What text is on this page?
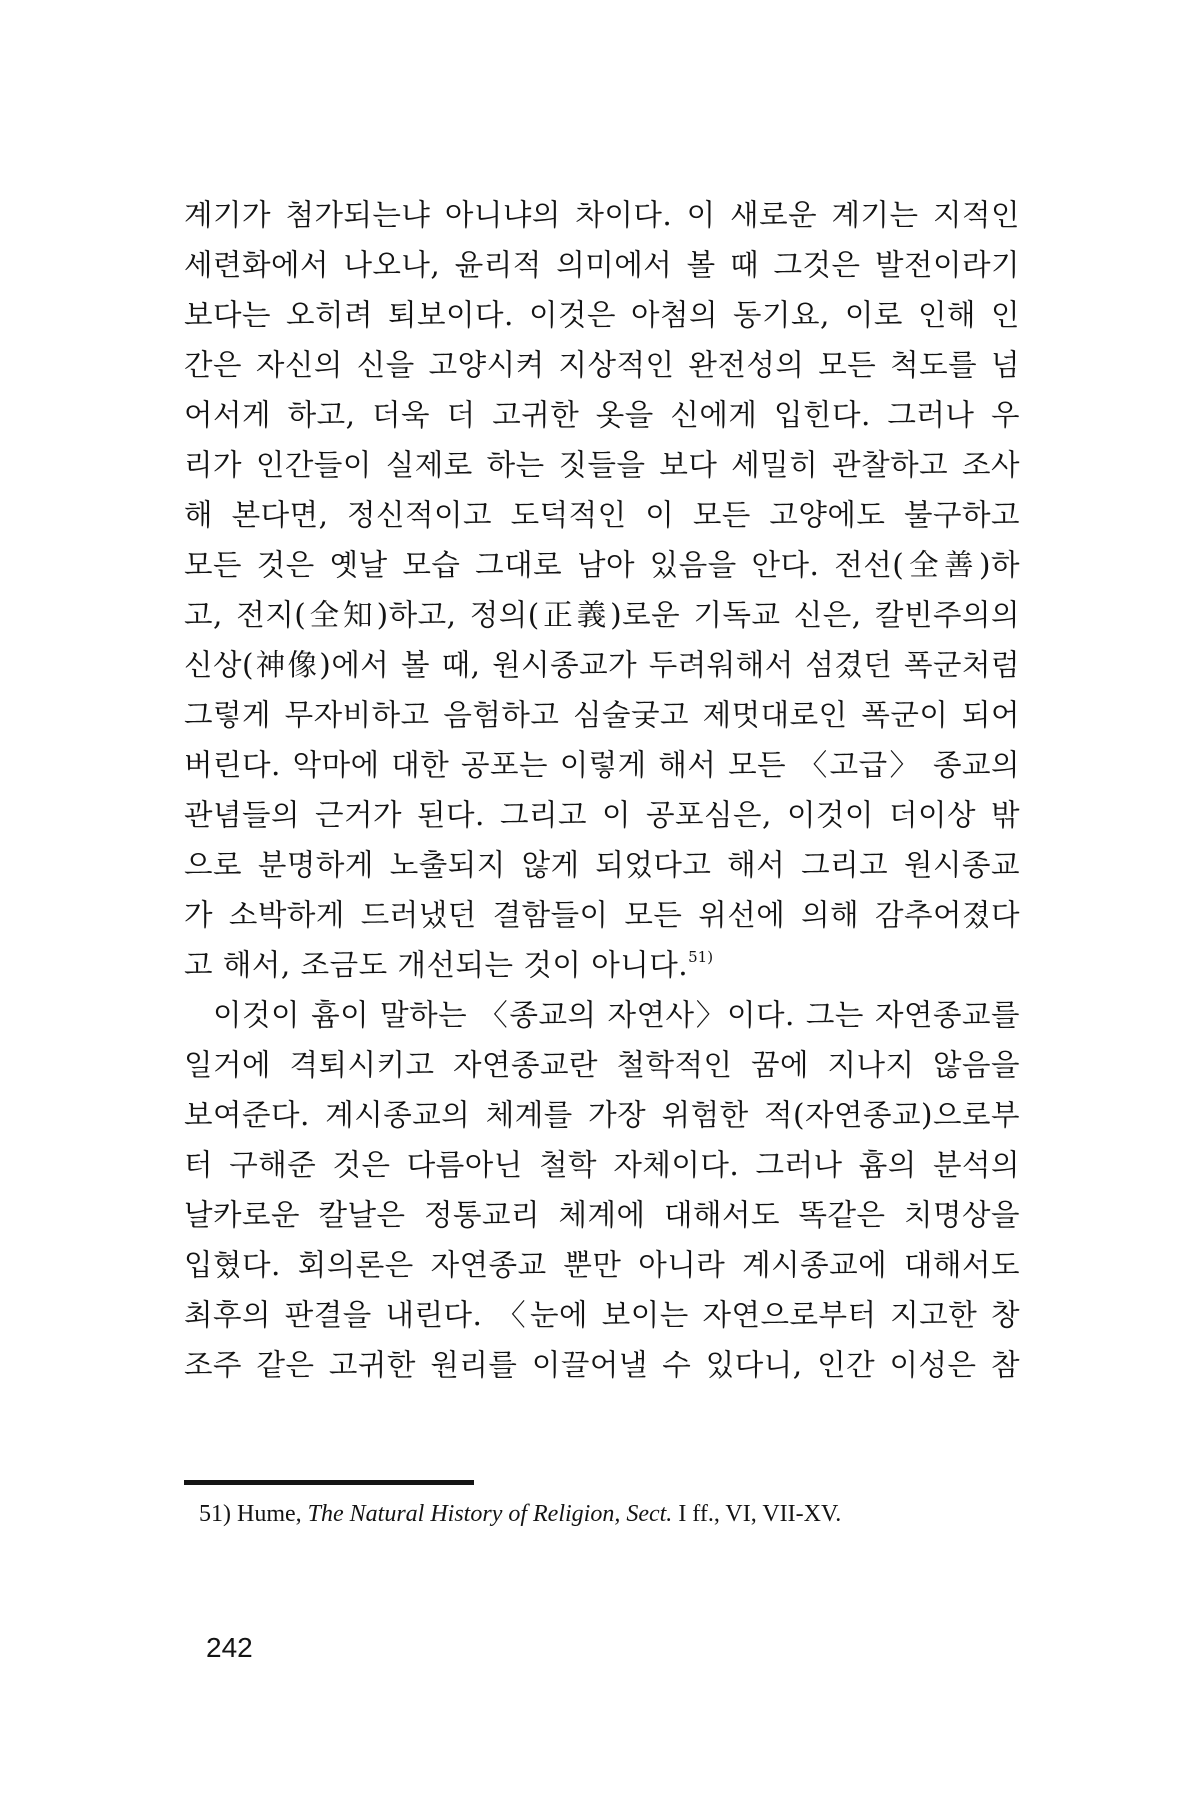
계기가 첨가되는냐 아니냐의 차이다. 이 새로운 계기는 지적인
세련화에서 나오나, 윤리적 의미에서 볼 때 그것은 발전이라기
보다는 오히려 퇴보이다. 이것은 아첨의 동기요, 이로 인해 인
간은 자신의 신을 고양시켜 지상적인 완전성의 모든 척도를 넘
어서게 하고, 더욱 더 고귀한 옷을 신에게 입힌다. 그러나 우
리가 인간들이 실제로 하는 짓들을 보다 세밀히 관찰하고 조사
해 본다면, 정신적이고 도덕적인 이 모든 고양에도 불구하고
모든 것은 옛날 모습 그대로 남아 있음을 안다. 전선(全善)하
고, 전지(全知)하고, 정의(正義)로운 기독교 신은, 칼빈주의의
신상(神像)에서 볼 때, 원시종교가 두려워해서 섬겼던 폭군처럼
그렇게 무자비하고 음험하고 심술궂고 제멋대로인 폭군이 되어
버린다. 악마에 대한 공포는 이렇게 해서 모든 〈고급〉 종교의
관념들의 근거가 된다. 그리고 이 공포심은, 이것이 더이상 밖
으로 분명하게 노출되지 않게 되었다고 해서 그리고 원시종교
가 소박하게 드러냈던 결함들이 모든 위선에 의해 감추어졌다
고 해서, 조금도 개선되는 것이 아니다.$^{51)}$
이것이 흄이 말하는 〈종교의 자연사〉이다. 그는 자연종교를
일거에 격퇴시키고 자연종교란 철학적인 꿈에 지나지 않음을
보여준다. 계시종교의 체계를 가장 위험한 적(자연종교)으로부
터 구해준 것은 다름아닌 철학 자체이다. 그러나 흄의 분석의
날카로운 칼날은 정통교리 체계에 대해서도 똑같은 치명상을
입혔다. 회의론은 자연종교 뿐만 아니라 계시종교에 대해서도
최후의 판결을 내린다. 〈눈에 보이는 자연으로부터 지고한 창
조주 같은 고귀한 원리를 이끌어낼 수 있다니, 인간 이성은 참
51) Hume, The Natural History of Religion, Sect. I ff., VI, VII-XV.
242
